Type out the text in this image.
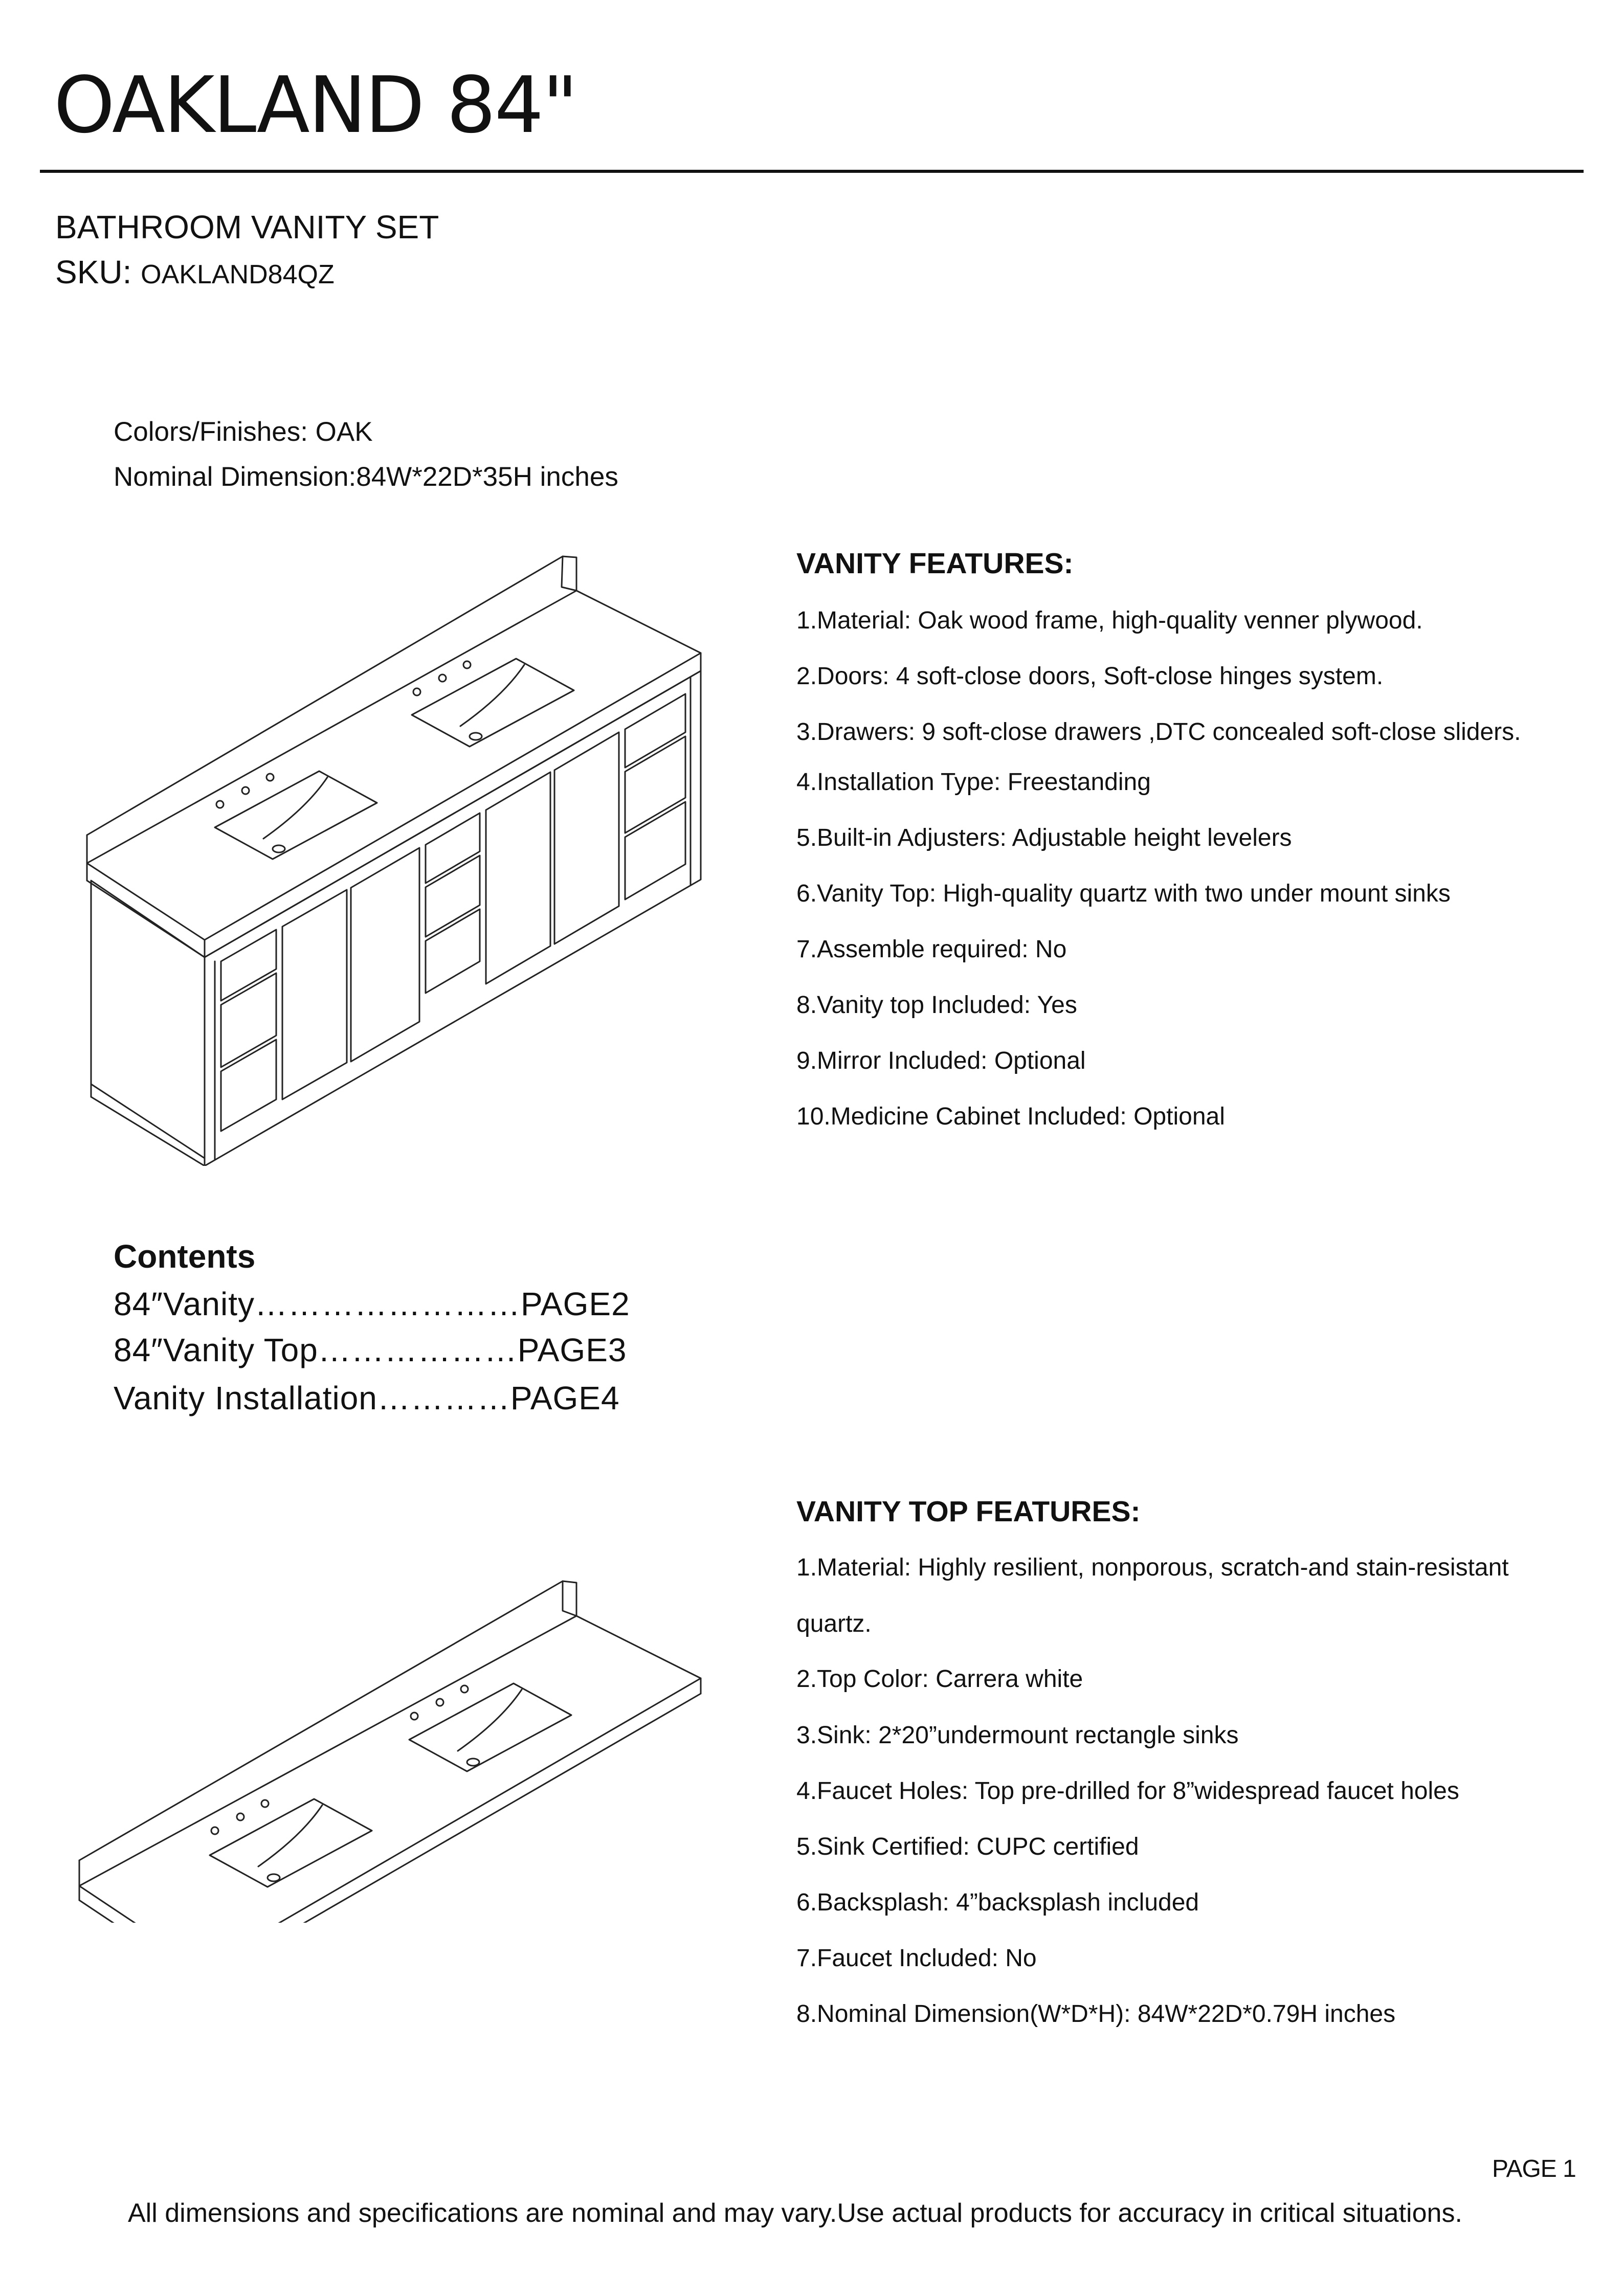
OAKLAND 84"
BATHROOM VANITY SET
SKU: OAKLAND84QZ
Colors/Finishes: OAK
Nominal Dimension:84W*22D*35H inches
VANITY FEATURES:
1.Material: Oak wood frame, high-quality venner plywood.
2.Doors: 4 soft-close doors, Soft-close hinges system.
3.Drawers: 9 soft-close drawers ,DTC concealed soft-close sliders.
4.Installation Type: Freestanding
5.Built-in Adjusters: Adjustable height levelers
6.Vanity Top: High-quality quartz with two under mount sinks
7.Assemble required: No
8.Vanity top Included: Yes
9.Mirror Included: Optional
10.Medicine Cabinet Included: Optional
Contents
84″Vanity……………………PAGE2
84″Vanity Top………………PAGE3
Vanity Installation…………PAGE4
VANITY TOP FEATURES:
1.Material: Highly resilient, nonporous, scratch-and stain-resistant
quartz.
2.Top Color: Carrera white
3.Sink: 2*20”undermount rectangle sinks
4.Faucet Holes: Top pre-drilled for 8”widespread faucet holes
5.Sink Certified: CUPC certified
6.Backsplash: 4”backsplash included
7.Faucet Included: No
8.Nominal Dimension(W*D*H): 84W*22D*0.79H inches
PAGE 1
All dimensions and specifications are nominal and may vary.Use actual products for accuracy in critical situations.
